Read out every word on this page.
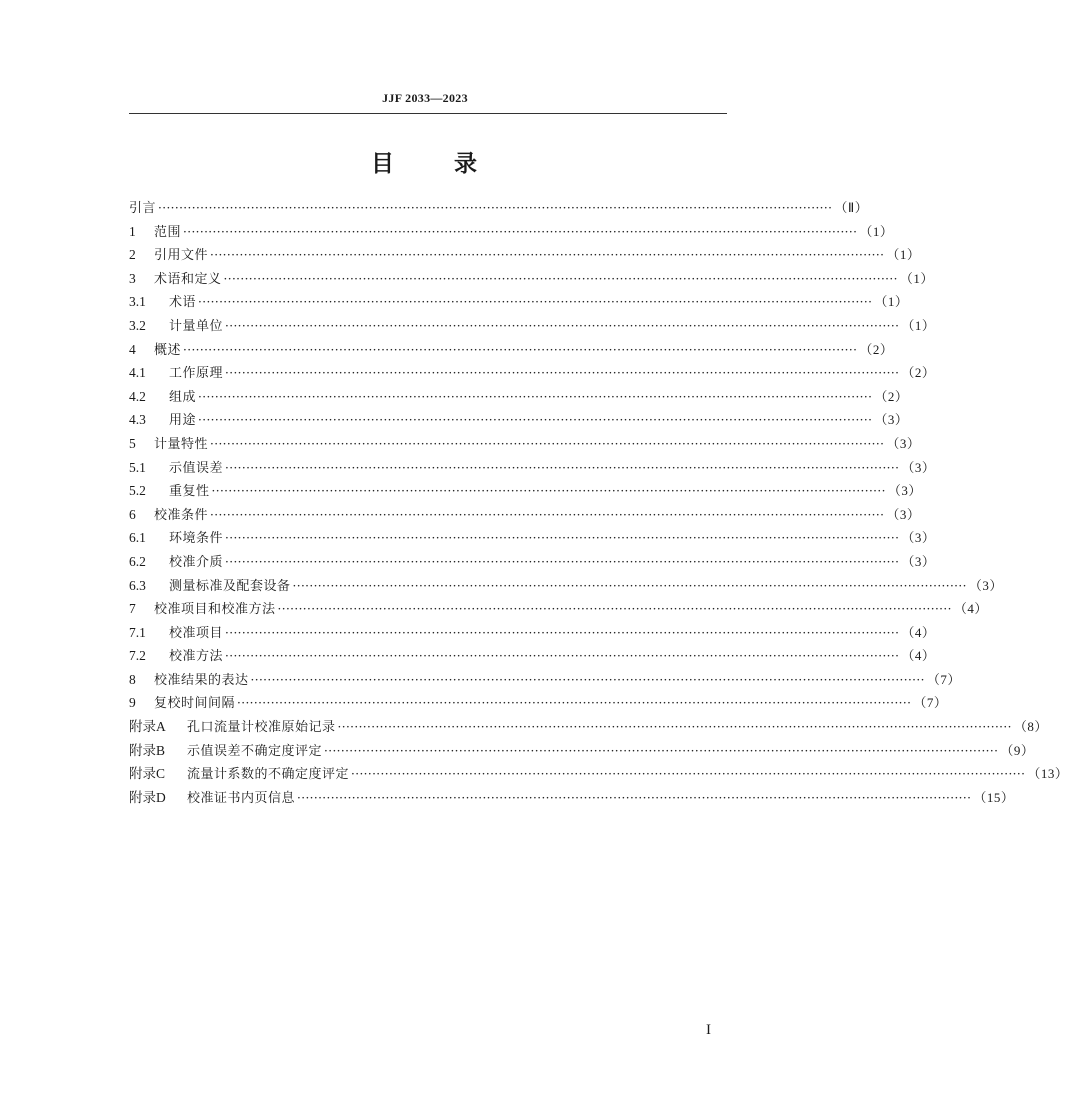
JJF 2033—2023
目	录
引言 ································································································································································ （Ⅱ）
1	范围 ································································································································································ （1）
2	引用文件 ································································································································································ （1）
3	术语和定义 ································································································································································ （1）
3.1	术语 ································································································································································ （1）
3.2	计量单位 ································································································································································ （1）
4	概述 ································································································································································ （2）
4.1	工作原理 ································································································································································ （2）
4.2	组成 ································································································································································ （2）
4.3	用途 ································································································································································ （3）
5	计量特性 ································································································································································ （3）
5.1	示值误差 ································································································································································ （3）
5.2	重复性 ································································································································································ （3）
6	校准条件 ································································································································································ （3）
6.1	环境条件 ································································································································································ （3）
6.2	校准介质 ································································································································································ （3）
6.3	测量标准及配套设备 ································································································································································ （3）
7	校准项目和校准方法 ································································································································································ （4）
7.1	校准项目 ································································································································································ （4）
7.2	校准方法 ································································································································································ （4）
8	校准结果的表达 ································································································································································ （7）
9	复校时间间隔 ································································································································································ （7）
附录A	孔口流量计校准原始记录 ································································································································································ （8）
附录B	示值误差不确定度评定 ································································································································································ （9）
附录C	流量计系数的不确定度评定 ································································································································································ （13）
附录D	校准证书内页信息 ································································································································································ （15）
I
